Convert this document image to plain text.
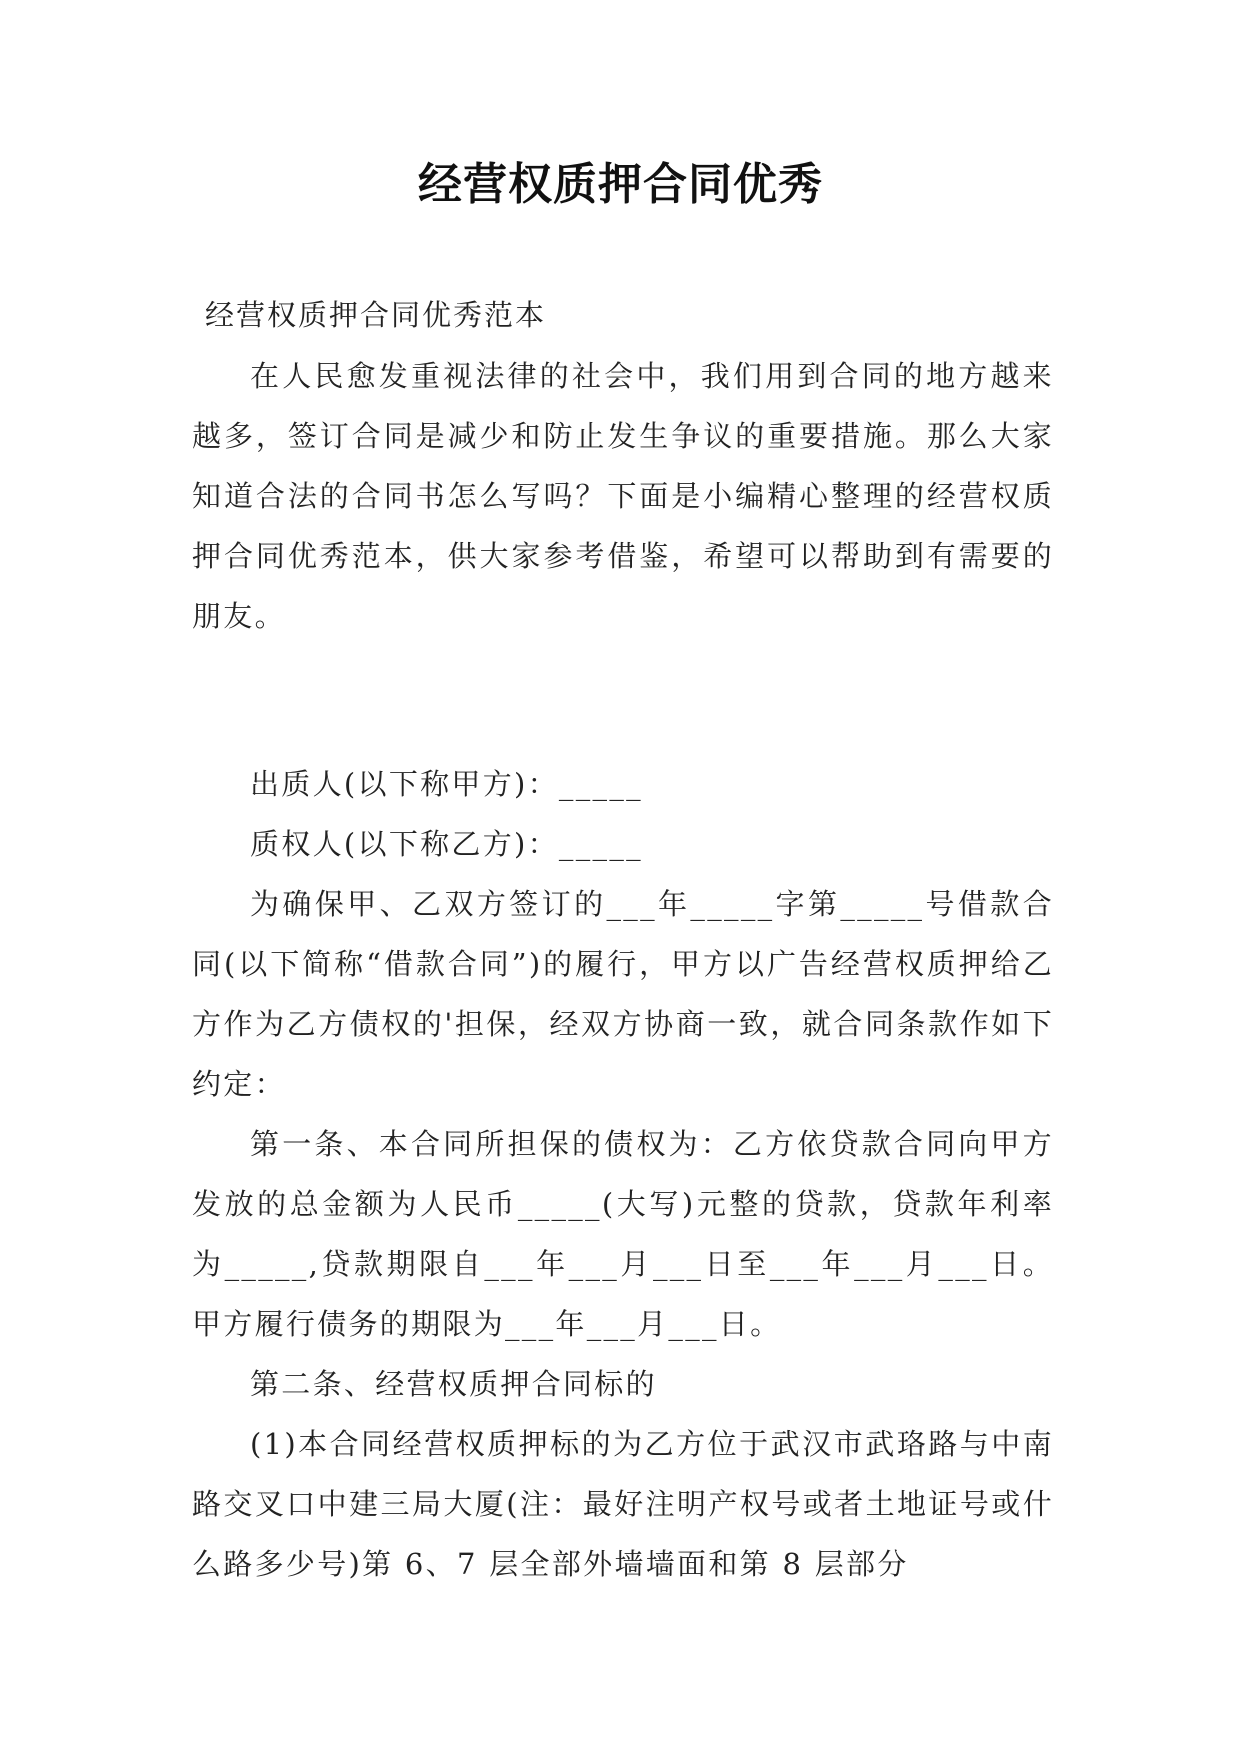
经营权质押合同优秀
经营权质押合同优秀范本

在人民愈发重视法律的社会中，我们用到合同的地方越来越多，签订合同是减少和防止发生争议的重要措施。那么大家知道合法的合同书怎么写吗？下面是小编精心整理的经营权质押合同优秀范本，供大家参考借鉴，希望可以帮助到有需要的朋友。

出质人(以下称甲方)：_____

质权人(以下称乙方)：_____

为确保甲、乙双方签订的___年_____字第_____号借款合同(以下简称“借款合同”)的履行，甲方以广告经营权质押给乙方作为乙方债权的'担保，经双方协商一致，就合同条款作如下约定：

第一条、本合同所担保的债权为：乙方依贷款合同向甲方发放的总金额为人民币_____(大写)元整的贷款，贷款年利率为_____,贷款期限自___年___月___日至___年___月___日。甲方履行债务的期限为___年___月___日。

第二条、经营权质押合同标的

(1)本合同经营权质押标的为乙方位于武汉市武珞路与中南路交叉口中建三局大厦(注：最好注明产权号或者土地证号或什么路多少号)第 6、7 层全部外墙墙面和第 8 层部分
